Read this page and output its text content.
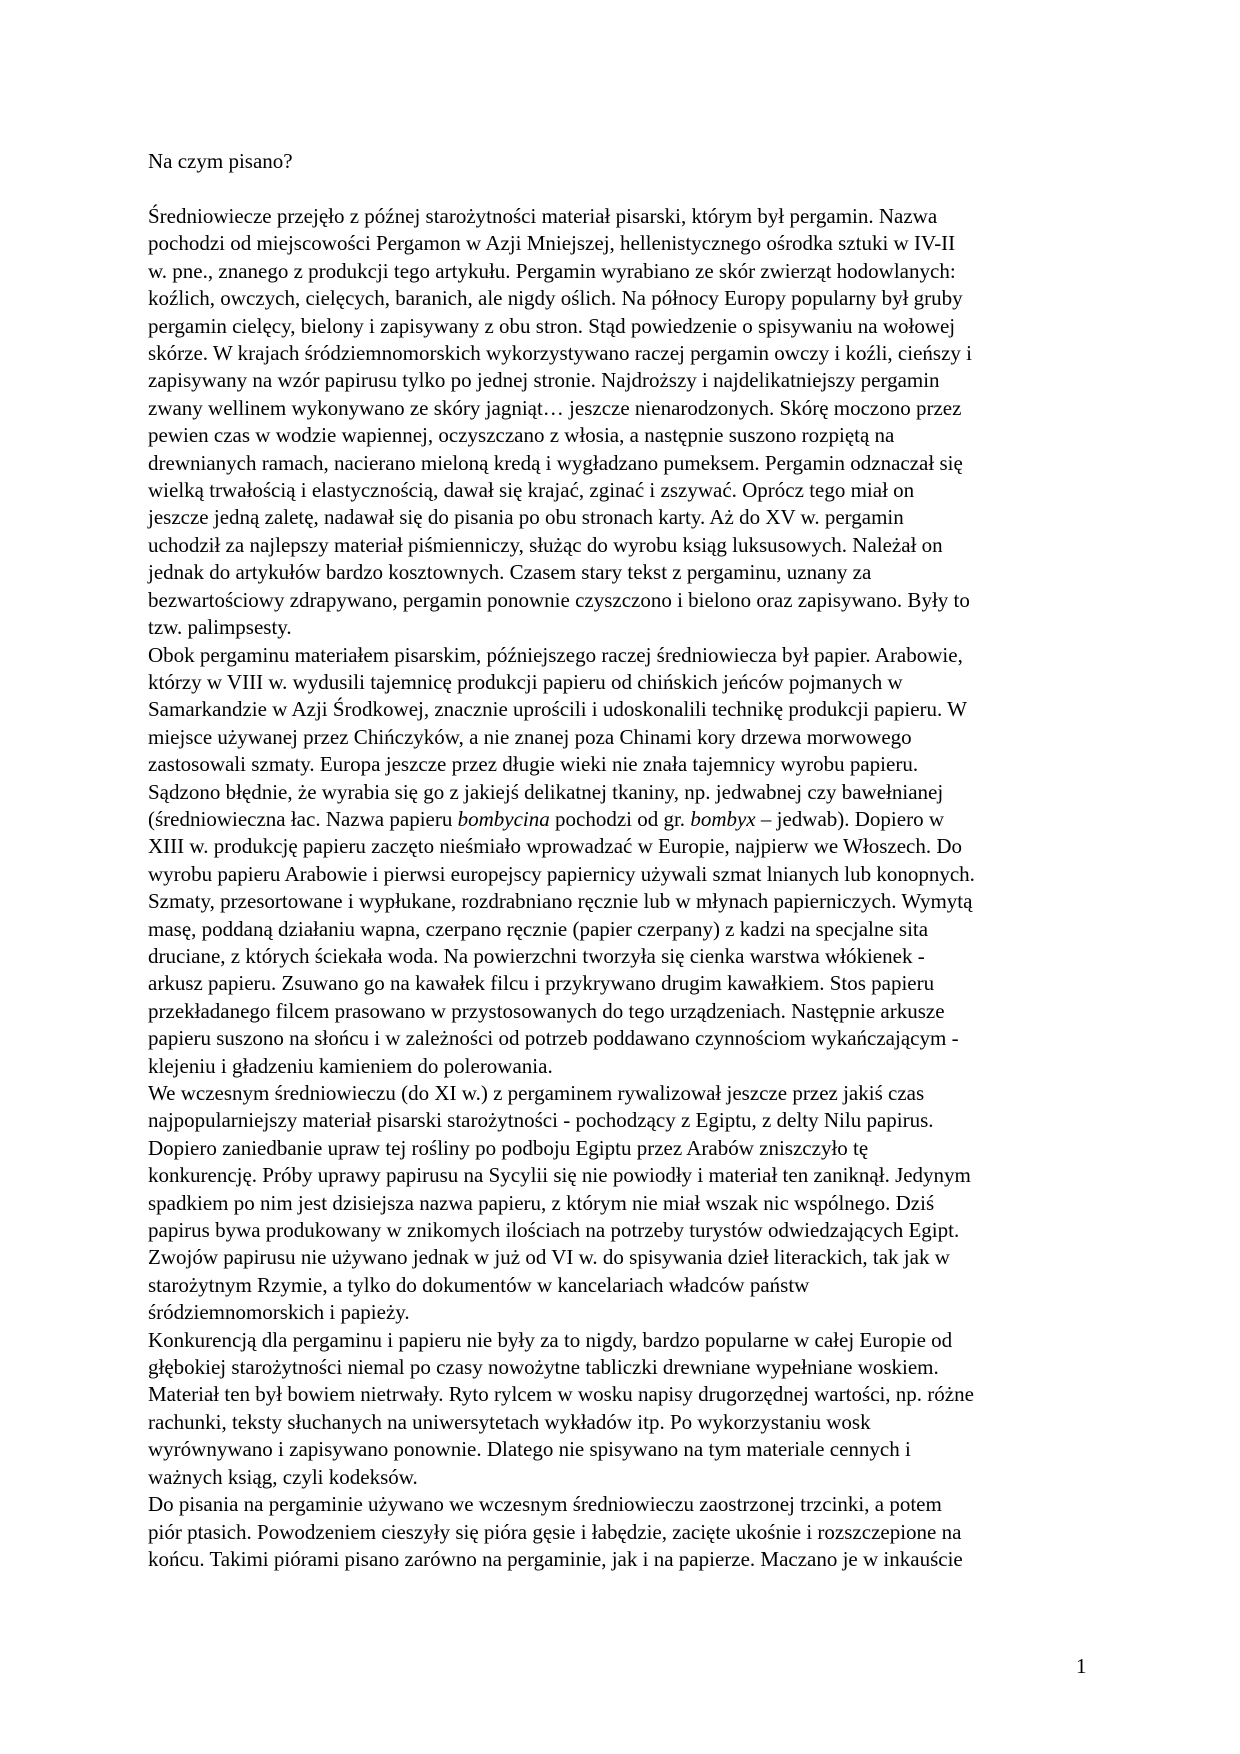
Na czym pisano?

Średniowiecze przejęło z późnej starożytności materiał pisarski, którym był pergamin. Nazwa
pochodzi od miejscowości Pergamon w Azji Mniejszej, hellenistycznego ośrodka sztuki w IV-II
w. pne., znanego z produkcji tego artykułu. Pergamin wyrabiano ze skór zwierząt hodowlanych:
koźlich, owczych, cielęcych, baranich, ale nigdy oślich. Na północy Europy popularny był gruby
pergamin cielęcy, bielony i zapisywany z obu stron. Stąd powiedzenie o spisywaniu na wołowej
skórze. W krajach śródziemnomorskich wykorzystywano raczej pergamin owczy i koźli, cieńszy i
zapisywany na wzór papirusu tylko po jednej stronie. Najdroższy i najdelikatniejszy pergamin
zwany wellinem wykonywano ze skóry jagniąt… jeszcze nienarodzonych. Skórę moczono przez
pewien czas w wodzie wapiennej, oczyszczano z włosia, a następnie suszono rozpiętą na
drewnianych ramach, nacierano mieloną kredą i wygładzano pumeksem. Pergamin odznaczał się
wielką trwałością i elastycznością, dawał się krajać, zginać i zszywać. Oprócz tego miał on
jeszcze jedną zaletę, nadawał się do pisania po obu stronach karty. Aż do XV w. pergamin
uchodził za najlepszy materiał piśmienniczy, służąc do wyrobu ksiąg luksusowych. Należał on
jednak do artykułów bardzo kosztownych. Czasem stary tekst z pergaminu, uznany za
bezwartościowy zdrapywano, pergamin ponownie czyszczono i bielono oraz zapisywano. Były to
tzw. palimpsesty.

Obok pergaminu materiałem pisarskim, późniejszego raczej średniowiecza był papier. Arabowie,
którzy w VIII w. wydusili tajemnicę produkcji papieru od chińskich jeńców pojmanych w
Samarkandzie w Azji Środkowej, znacznie uprościli i udoskonalili technikę produkcji papieru. W
miejsce używanej przez Chińczyków, a nie znanej poza Chinami kory drzewa morwowego
zastosowali szmaty. Europa jeszcze przez długie wieki nie znała tajemnicy wyrobu papieru.
Sądzono błędnie, że wyrabia się go z jakiejś delikatnej tkaniny, np. jedwabnej czy bawełnianej
(średniowieczna łac. Nazwa papieru bombycina pochodzi od gr. bombyx – jedwab). Dopiero w
XIII w. produkcję papieru zaczęto nieśmiało wprowadzać w Europie, najpierw we Włoszech. Do
wyrobu papieru Arabowie i pierwsi europejscy papiernicy używali szmat lnianych lub konopnych.
Szmaty, przesortowane i wypłukane, rozdrabniano ręcznie lub w młynach papierniczych. Wymytą
masę, poddaną działaniu wapna, czerpano ręcznie (papier czerpany) z kadzi na specjalne sita
druciane, z których ściekała woda. Na powierzchni tworzyła się cienka warstwa włókienek -
arkusz papieru. Zsuwano go na kawałek filcu i przykrywano drugim kawałkiem. Stos papieru
przekładanego filcem prasowano w przystosowanych do tego urządzeniach. Następnie arkusze
papieru suszono na słońcu i w zależności od potrzeb poddawano czynnościom wykańczającym -
klejeniu i gładzeniu kamieniem do polerowania.

We wczesnym średniowieczu (do XI w.) z pergaminem rywalizował jeszcze przez jakiś czas
najpopularniejszy materiał pisarski starożytności - pochodzący z Egiptu, z delty Nilu papirus.
Dopiero zaniedbanie upraw tej rośliny po podboju Egiptu przez Arabów zniszczyło tę
konkurencję. Próby uprawy papirusu na Sycylii się nie powiodły i materiał ten zaniknął. Jedynym
spadkiem po nim jest dzisiejsza nazwa papieru, z którym nie miał wszak nic wspólnego. Dziś
papirus bywa produkowany w znikomych ilościach na potrzeby turystów odwiedzających Egipt.
Zwojów papirusu nie używano jednak w już od VI w. do spisywania dzieł literackich, tak jak w
starożytnym Rzymie, a tylko do dokumentów w kancelariach władców państw
śródziemnomorskich i papieży.

Konkurencją dla pergaminu i papieru nie były za to nigdy, bardzo popularne w całej Europie od
głębokiej starożytności niemal po czasy nowożytne tabliczki drewniane wypełniane woskiem.
Materiał ten był bowiem nietrwały. Ryto rylcem w wosku napisy drugorzędnej wartości, np. różne
rachunki, teksty słuchanych na uniwersytetach wykładów itp. Po wykorzystaniu wosk
wyrównywano i zapisywano ponownie. Dlatego nie spisywano na tym materiale cennych i
ważnych ksiąg, czyli kodeksów.

Do pisania na pergaminie używano we wczesnym średniowieczu zaostrzonej trzcinki, a potem
piór ptasich. Powodzeniem cieszyły się pióra gęsie i łabędzie, zacięte ukośnie i rozszczepione na
końcu. Takimi piórami pisano zarówno na pergaminie, jak i na papierze. Maczano je w inkauście

1
